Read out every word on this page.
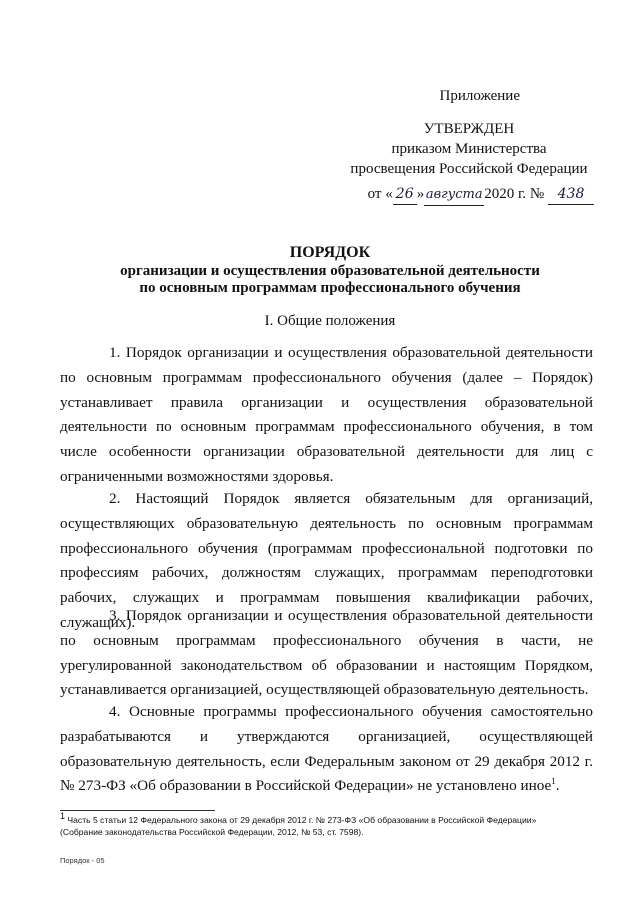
Приложение
УТВЕРЖДЕН
приказом Министерства
просвещения Российской Федерации
от « 26 » августа 2020 г. № 438
ПОРЯДОК
организации и осуществления образовательной деятельности
по основным программам профессионального обучения
I. Общие положения

1. Порядок организации и осуществления образовательной деятельности по основным программам профессионального обучения (далее – Порядок) устанавливает правила организации и осуществления образовательной деятельности по основным программам профессионального обучения, в том числе особенности организации образовательной деятельности для лиц с ограниченными возможностями здоровья.

2. Настоящий Порядок является обязательным для организаций, осуществляющих образовательную деятельность по основным программам профессионального обучения (программам профессиональной подготовки по профессиям рабочих, должностям служащих, программам переподготовки рабочих, служащих и программам повышения квалификации рабочих, служащих).

3. Порядок организации и осуществления образовательной деятельности по основным программам профессионального обучения в части, не урегулированной законодательством об образовании и настоящим Порядком, устанавливается организацией, осуществляющей образовательную деятельность.

4. Основные программы профессионального обучения самостоятельно разрабатываются и утверждаются организацией, осуществляющей образовательную деятельность, если Федеральным законом от 29 декабря 2012 г. № 273-ФЗ «Об образовании в Российской Федерации» не установлено иное$^1$.

$^1$ Часть 5 статьи 12 Федерального закона от 29 декабря 2012 г. № 273-ФЗ «Об образовании в Российской Федерации» (Собрание законодательства Российской Федерации, 2012, № 53, ст. 7598).

Порядок - 05
